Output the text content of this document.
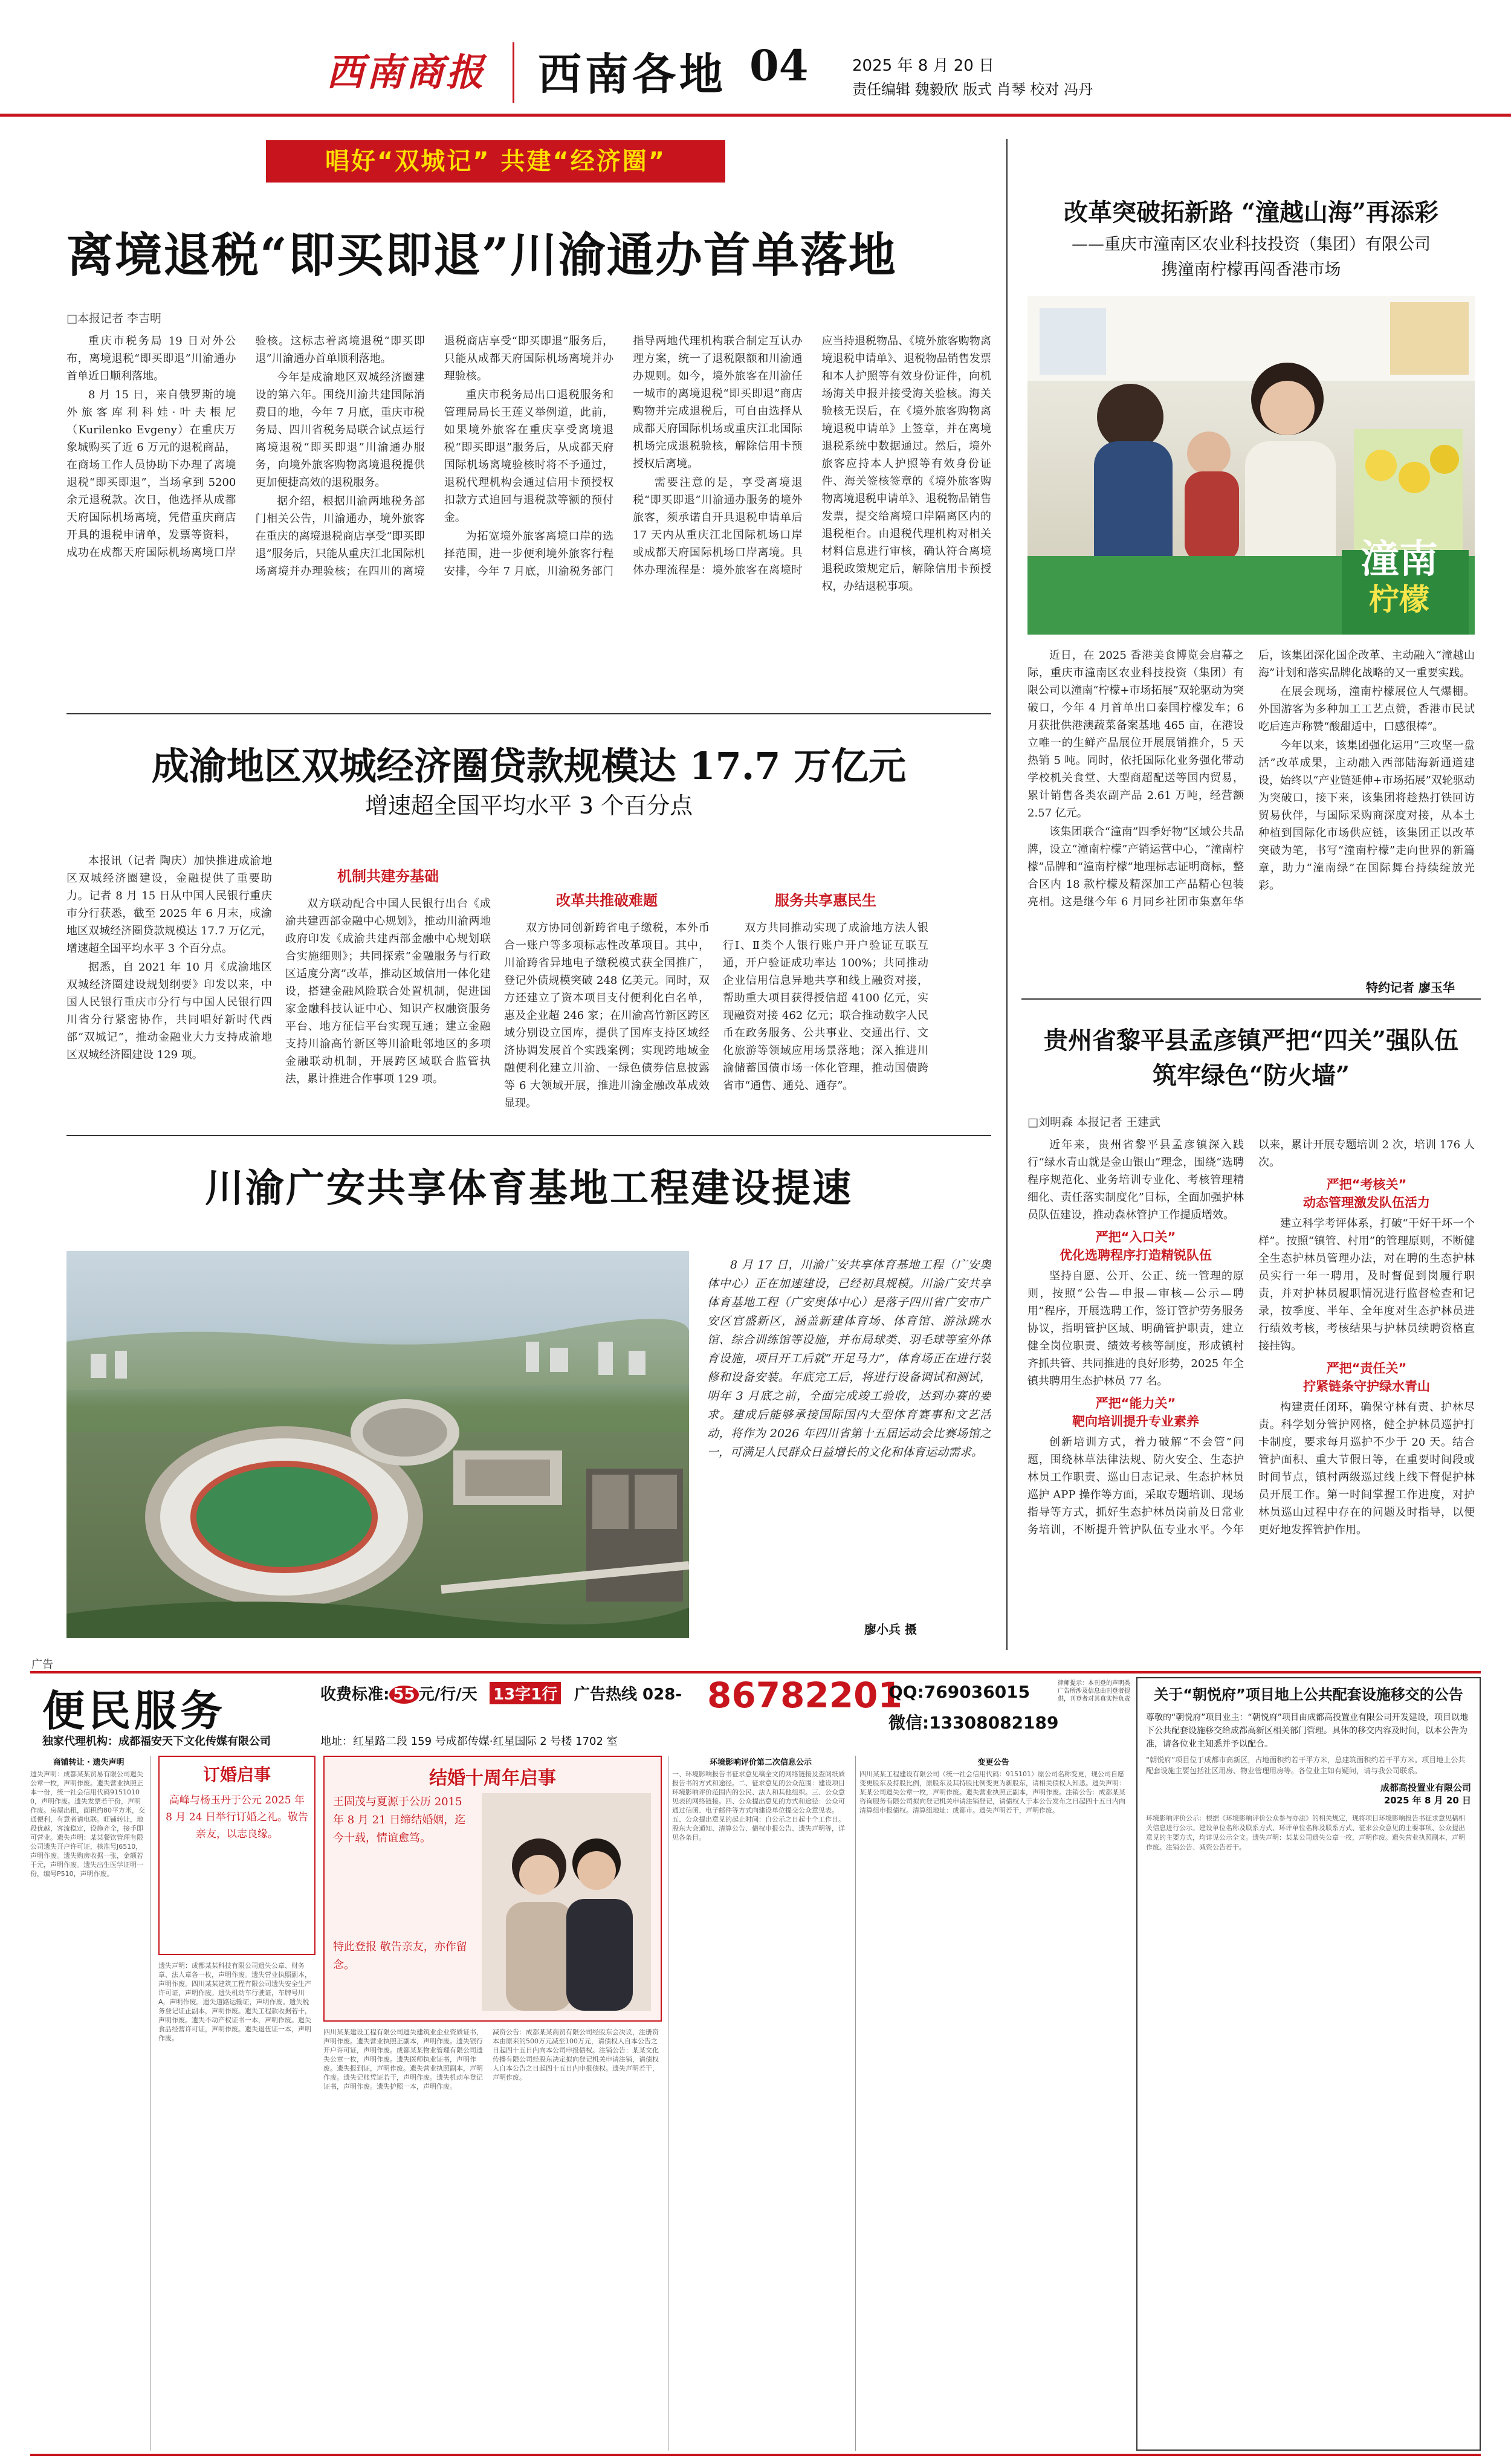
西南商报 西南各地 04	2025 年 8 月 20 日
责任编辑 魏毅欣 版式 肖琴 校对 冯丹
唱好“双城记” 共建“经济圈”
离境退税“即买即退”川渝通办首单落地
□本报记者 李吉明

重庆市税务局 19 日对外公布，离境退税“即买即退”川渝通办首单近日顺利落地。

8 月 15 日，来自俄罗斯的境外旅客库利科娃·叶夫根尼（Kurilenko Evgeny）在重庆万象城购买了近 6 万元的退税商品，在商场工作人员协助下办理了离境退税“即买即退”，当场拿到 5200 余元退税款。次日，他选择从成都天府国际机场离境，凭借重庆商店开具的退税申请单，发票等资料，成功在成都天府国际机场离境口岸验核。这标志着离境退税“即买即退”川渝通办首单顺利落地。

今年是成渝地区双城经济圈建设的第六年。围绕川渝共建国际消费目的地，今年 7 月底，重庆市税务局、四川省税务局联合试点运行离境退税“即买即退”川渝通办服务，向境外旅客购物离境退税提供更加便捷高效的退税服务。

据介绍，根据川渝两地税务部门相关公告，川渝通办，境外旅客在重庆的离境退税商店享受“即买即退”服务后，只能从重庆江北国际机场离境并办理验核；在四川的离境退税商店享受“即买即退”服务后，只能从成都天府国际机场离境并办理验核。

重庆市税务局出口退税服务和管理局局长王莲义举例道，此前，如果境外旅客在重庆享受离境退税“即买即退”服务后，从成都天府国际机场离境验核时将不予通过，退税代理机构会通过信用卡预授权扣款方式追回与退税款等额的预付金。

为拓宽境外旅客离境口岸的选择范围，进一步便利境外旅客行程安排，今年 7 月底，川渝税务部门指导两地代理机构联合制定互认办理方案，统一了退税限额和川渝通办规则。如今，境外旅客在川渝任一城市的离境退税“即买即退”商店购物并完成退税后，可自由选择从成都天府国际机场或重庆江北国际机场完成退税验核，解除信用卡预授权后离境。

需要注意的是，享受离境退税“即买即退”川渝通办服务的境外旅客，须承诺自开具退税申请单后 17 天内从重庆江北国际机场口岸或成都天府国际机场口岸离境。具体办理流程是：境外旅客在离境时应当持退税物品、《境外旅客购物离境退税申请单》、退税物品销售发票和本人护照等有效身份证件，向机场海关申报并接受海关验核。海关验核无误后，在《境外旅客购物离境退税申请单》上签章，并在离境退税系统中数据通过。然后，境外旅客应持本人护照等有效身份证件、海关签核签章的《境外旅客购物离境退税申请单》、退税物品销售发票，提交给离境口岸隔离区内的退税柜台。由退税代理机构对相关材料信息进行审核，确认符合离境退税政策规定后，解除信用卡预授权，办结退税事项。

成渝地区双城经济圈贷款规模达 17.7 万亿元
增速超全国平均水平 3 个百分点

本报讯（记者 陶庆）加快推进成渝地区双城经济圈建设，金融提供了重要助力。记者 8 月 15 日从中国人民银行重庆市分行获悉，截至 2025 年 6 月末，成渝地区双城经济圈贷款规模达 17.7 万亿元，增速超全国平均水平 3 个百分点。

据悉，自 2021 年 10 月《成渝地区双城经济圈建设规划纲要》印发以来，中国人民银行重庆市分行与中国人民银行四川省分行紧密协作，共同唱好新时代西部“双城记”，推动金融业大力支持成渝地区双城经济圈建设 129 项。

机制共建夯基础

双方联动配合中国人民银行出台《成渝共建西部金融中心规划》，推动川渝两地政府印发《成渝共建西部金融中心规划联合实施细则》；共同探索“金融服务与行政区适度分离”改革，推动区域信用一体化建设，搭建金融风险联合处置机制，促进国家金融科技认证中心、知识产权融资服务平台、地方征信平台实现互通；建立金融支持川渝高竹新区等川渝毗邻地区的多项金融联动机制，开展跨区域联合监管执法，累计推进合作事项 129 项。

改革共推破难题

双方协同创新跨省电子缴税，本外币合一账户等多项标志性改革项目。其中，川渝跨省异地电子缴税模式获全国推广，登记外债规模突破 248 亿美元。同时，双方还建立了资本项目支付便利化白名单，惠及企业超 246 家；在川渝高竹新区跨区域分别设立国库，提供了国库支持区域经济协调发展首个实践案例；实现跨地域金融便利化建立川渝、一绿色债券信息披露等 6 大领域开展，推进川渝金融改革成效显现。

服务共享惠民生

双方共同推动实现了成渝地方法人银行Ⅰ、Ⅱ类个人银行账户开户验证互联互通，开户验证成功率达 100%；共同推动企业信用信息异地共享和线上融资对接，帮助重大项目获得授信超 4100 亿元，实现融资对接 462 亿元；联合推动数字人民币在政务服务、公共事业、交通出行、文化旅游等领域应用场景落地；深入推进川渝储蓄国债市场一体化管理，推动国债跨省市“通售、通兑、通存”。

川渝广安共享体育基地工程建设提速
8 月 17 日，川渝广安共享体育基地工程（广安奥体中心）正在加速建设，已经初具规模。川渝广安共享体育基地工程（广安奥体中心）是落子四川省广安市广安区官盛新区，涵盖新建体育场、体育馆、游泳跳水馆、综合训练馆等设施，并布局球类、羽毛球等室外体育设施，项目开工后就“开足马力”，体育场正在进行装修和设备安装。年底完工后，将进行设备调试和测试，明年 3 月底之前，全面完成竣工验收，达到办赛的要求。建成后能够承接国际国内大型体育赛事和文艺活动，将作为 2026 年四川省第十五届运动会比赛场馆之一，可满足人民群众日益增长的文化和体育运动需求。
廖小兵 摄
改革突破拓新路 “潼越山海”再添彩
——重庆市潼南区农业科技投资（集团）有限公司
携潼南柠檬再闯香港市场
潼南
柠檬

近日，在 2025 香港美食博览会启幕之际，重庆市潼南区农业科技投资（集团）有限公司以潼南“柠檬+市场拓展”双轮驱动为突破口，今年 4 月首单出口泰国柠檬发车；6 月获批供港澳蔬菜备案基地 465 亩，在港设立唯一的生鲜产品展位开展展销推介，5 天热销 5 吨。同时，依托国际化业务强化带动学校机关食堂、大型商超配送等国内贸易，累计销售各类农副产品 2.61 万吨，经营额 2.57 亿元。

该集团联合“潼南”四季好物”区域公共品牌，设立“潼南柠檬”产销运营中心，“潼南柠檬”品牌和“潼南柠檬”地理标志证明商标，整合区内 18 款柠檬及精深加工产品精心包装亮相。这是继今年 6 月同乡社团市集嘉年华后，该集团深化国企改革、主动融入“潼越山海”计划和落实品牌化战略的又一重要实践。

在展会现场，潼南柠檬展位人气爆棚。外国游客为多种加工工艺点赞，香港市民试吃后连声称赞“酸甜适中，口感很棒”。

今年以来，该集团强化运用“三攻坚一盘活”改革成果，主动融入西部陆海新通道建设，始终以“产业链延伸+市场拓展”双轮驱动为突破口，接下来，该集团将趁热打铁回访贸易伙伴，与国际采购商深度对接，从本土种植到国际化市场供应链，该集团正以改革突破为笔，书写“潼南柠檬”走向世界的新篇章，助力“潼南绿”在国际舞台持续绽放光彩。

特约记者 廖玉华
贵州省黎平县孟彦镇严把“四关”强队伍
筑牢绿色“防火墙”
□刘明森 本报记者 王建武

近年来，贵州省黎平县孟彦镇深入践行“绿水青山就是金山银山”理念，围绕“选聘程序规范化、业务培训专业化、考核管理精细化、责任落实制度化”目标，全面加强护林员队伍建设，推动森林管护工作提质增效。

严把“入口关”
优化选聘程序打造精锐队伍

坚持自愿、公开、公正、统一管理的原则，按照“公告—申报—审核—公示—聘用”程序，开展选聘工作，签订管护劳务服务协议，指明管护区域、明确管护职责，建立健全岗位职责、绩效考核等制度，形成镇村齐抓共管、共同推进的良好形势，2025 年全镇共聘用生态护林员 77 名。

严把“能力关”
靶向培训提升专业素养

创新培训方式，着力破解“不会管”问题，围绕林草法律法规、防火安全、生态护林员工作职责、巡山日志记录、生态护林员巡护 APP 操作等方面，采取专题培训、现场指导等方式，抓好生态护林员岗前及日常业务培训，不断提升管护队伍专业水平。今年以来，累计开展专题培训 2 次，培训 176 人次。

严把“考核关”
动态管理激发队伍活力

建立科学考评体系，打破“干好干坏一个样”。按照“镇管、村用”的管理原则，不断健全生态护林员管理办法，对在聘的生态护林员实行一年一聘用，及时督促到岗履行职责，并对护林员履职情况进行监督检查和记录，按季度、半年、全年度对生态护林员进行绩效考核，考核结果与护林员续聘资格直接挂钩。

严把“责任关”
拧紧链条守护绿水青山

构建责任闭环，确保守林有责、护林尽责。科学划分管护网格，健全护林员巡护打卡制度，要求每月巡护不少于 20 天。结合管护面积、重大节假日等，在重要时间段或时间节点，镇村两级巡过线上线下督促护林员开展工作。第一时间掌握工作进度，对护林员巡山过程中存在的问题及时指导，以便更好地发挥管护作用。

广告
便民服务
独家代理机构：成都福安天下文化传媒有限公司
收费标准: 55 元/行/天 13字1行 广告热线 028- 86782201
地址：红星路二段 159 号成都传媒·红星国际 2 号楼 1702 室
QQ:769036015
微信:13308082189
律师提示：本刊登的声明类广告所涉及信息由刊登者提供，刊登者对其真实性负责
商铺转让 · 遗失声明
遗失声明：成都某某贸易有限公司遗失公章一枚，声明作废。遗失营业执照正本一份，统一社会信用代码91510100，声明作废。遗失发票若干份，声明作废。房屋出租，面积约80平方米，交通便利，有意者请电联。旺铺转让，地段优越，客流稳定，设施齐全，接手即可营业。遗失声明：某某餐饮管理有限公司遗失开户许可证，核准号J6510，声明作废。遗失购房收据一张，金额若干元，声明作废。遗失出生医学证明一份，编号P510，声明作废。
订婚启事
高峰与杨玉丹于公元 2025 年 8 月 24 日举行订婚之礼。敬告亲友，以志良缘。
遗失声明：成都某某科技有限公司遗失公章、财务章、法人章各一枚，声明作废。遗失营业执照副本，声明作废。四川某某建筑工程有限公司遗失安全生产许可证，声明作废。遗失机动车行驶证，车牌号川A，声明作废。遗失道路运输证，声明作废。遗失税务登记证正副本，声明作废。遗失工程款收据若干，声明作废。遗失不动产权证书一本，声明作废。遗失食品经营许可证，声明作废。遗失退伍证一本，声明作废。
结婚十周年启事
王固茂与夏源于公历 2015 年 8 月 21 日缔结婚姻，迄今十载，情谊愈笃。
特此登报 敬告亲友，亦作留念。
四川某某建设工程有限公司遗失建筑业企业资质证书，声明作废。遗失营业执照正副本，声明作废。遗失银行开户许可证，声明作废。成都某某物业管理有限公司遗失公章一枚，声明作废。遗失医师执业证书，声明作废。遗失报到证，声明作废。遗失营业执照副本，声明作废。遗失记账凭证若干，声明作废。遗失机动车登记证书，声明作废。遗失护照一本，声明作废。
减资公告：成都某某商贸有限公司经股东会决议，注册资本由原来的500万元减至100万元，请债权人自本公告之日起四十五日内向本公司申报债权。注销公告：某某文化传播有限公司经股东决定拟向登记机关申请注销，请债权人自本公告之日起四十五日内申报债权。遗失声明若干，声明作废。
环境影响评价第二次信息公示
一、环境影响报告书征求意见稿全文的网络链接及查阅纸质报告书的方式和途径。二、征求意见的公众范围：建设项目环境影响评价范围内的公民、法人和其他组织。三、公众意见表的网络链接。四、公众提出意见的方式和途径：公众可通过信函、电子邮件等方式向建设单位提交公众意见表。五、公众提出意见的起止时间：自公示之日起十个工作日。股东大会通知、清算公告、债权申报公告、遗失声明等，详见各条目。
变更公告
四川某某工程建设有限公司（统一社会信用代码：915101）原公司名称变更，现公司自愿变更股东及持股比例，原股东及其持股比例变更为新股东，请相关债权人知悉。遗失声明：某某公司遗失公章一枚，声明作废。遗失营业执照正副本，声明作废。注销公告：成都某某咨询服务有限公司拟向登记机关申请注销登记，请债权人于本公告发布之日起四十五日内向清算组申报债权。清算组地址：成都市。遗失声明若干，声明作废。
关于“朝悦府”项目地上公共配套设施移交的公告
尊敬的“朝悦府”项目业主：“朝悦府”项目由成都高投置业有限公司开发建设，项目以地下公共配套设施移交给成都高新区相关部门管理。具体的移交内容及时间，以本公告为准，请各位业主知悉并予以配合。
“朝悦府”项目位于成都市高新区，占地面积约若干平方米，总建筑面积约若干平方米。项目地上公共配套设施主要包括社区用房、物业管理用房等。各位业主如有疑问，请与我公司联系。
成都高投置业有限公司
2025 年 8 月 20 日
环境影响评价公示：根据《环境影响评价公众参与办法》的相关规定，现将项目环境影响报告书征求意见稿相关信息进行公示。建设单位名称及联系方式、环评单位名称及联系方式、征求公众意见的主要事项、公众提出意见的主要方式，均详见公示全文。遗失声明：某某公司遗失公章一枚，声明作废。遗失营业执照副本，声明作废。注销公告、减资公告若干。
